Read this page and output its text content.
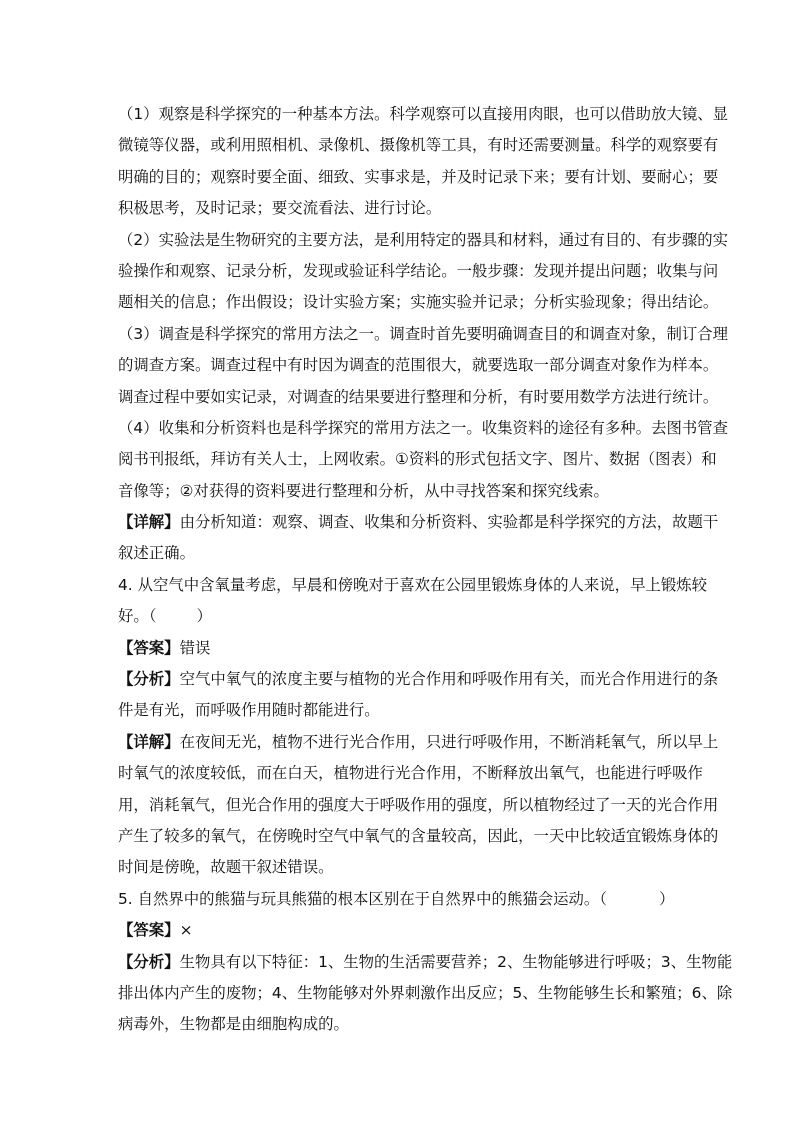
（1）观察是科学探究的一种基本方法。科学观察可以直接用肉眼，也可以借助放大镜、显
微镜等仪器，或利用照相机、录像机、摄像机等工具，有时还需要测量。科学的观察要有
明确的目的；观察时要全面、细致、实事求是，并及时记录下来；要有计划、要耐心；要
积极思考，及时记录；要交流看法、进行讨论。
（2）实验法是生物研究的主要方法，是利用特定的器具和材料，通过有目的、有步骤的实
验操作和观察、记录分析，发现或验证科学结论。一般步骤：发现并提出问题；收集与问
题相关的信息；作出假设；设计实验方案；实施实验并记录；分析实验现象；得出结论。
（3）调查是科学探究的常用方法之一。调查时首先要明确调查目的和调查对象，制订合理
的调查方案。调查过程中有时因为调查的范围很大，就要选取一部分调查对象作为样本。
调查过程中要如实记录，对调查的结果要进行整理和分析，有时要用数学方法进行统计。
（4）收集和分析资料也是科学探究的常用方法之一。收集资料的途径有多种。去图书管查
阅书刊报纸，拜访有关人士，上网收索。①资料的形式包括文字、图片、数据（图表）和
音像等；②对获得的资料要进行整理和分析，从中寻找答案和探究线索。
【详解】由分析知道：观察、调查、收集和分析资料、实验都是科学探究的方法，故题干
叙述正确。
4. 从空气中含氧量考虑，早晨和傍晚对于喜欢在公园里锻炼身体的人来说，早上锻炼较
好。（	）
【答案】错误
【分析】空气中氧气的浓度主要与植物的光合作用和呼吸作用有关，而光合作用进行的条
件是有光，而呼吸作用随时都能进行。
【详解】在夜间无光，植物不进行光合作用，只进行呼吸作用，不断消耗氧气，所以早上
时氧气的浓度较低，而在白天，植物进行光合作用，不断释放出氧气，也能进行呼吸作
用，消耗氧气，但光合作用的强度大于呼吸作用的强度，所以植物经过了一天的光合作用
产生了较多的氧气，在傍晚时空气中氧气的含量较高，因此，一天中比较适宜锻炼身体的
时间是傍晚，故题干叙述错误。
5. 自然界中的熊猫与玩具熊猫的根本区别在于自然界中的熊猫会运动。（	）
【答案】×
【分析】生物具有以下特征：1、生物的生活需要营养；2、生物能够进行呼吸；3、生物能
排出体内产生的废物；4、生物能够对外界刺激作出反应；5、生物能够生长和繁殖；6、除
病毒外，生物都是由细胞构成的。
